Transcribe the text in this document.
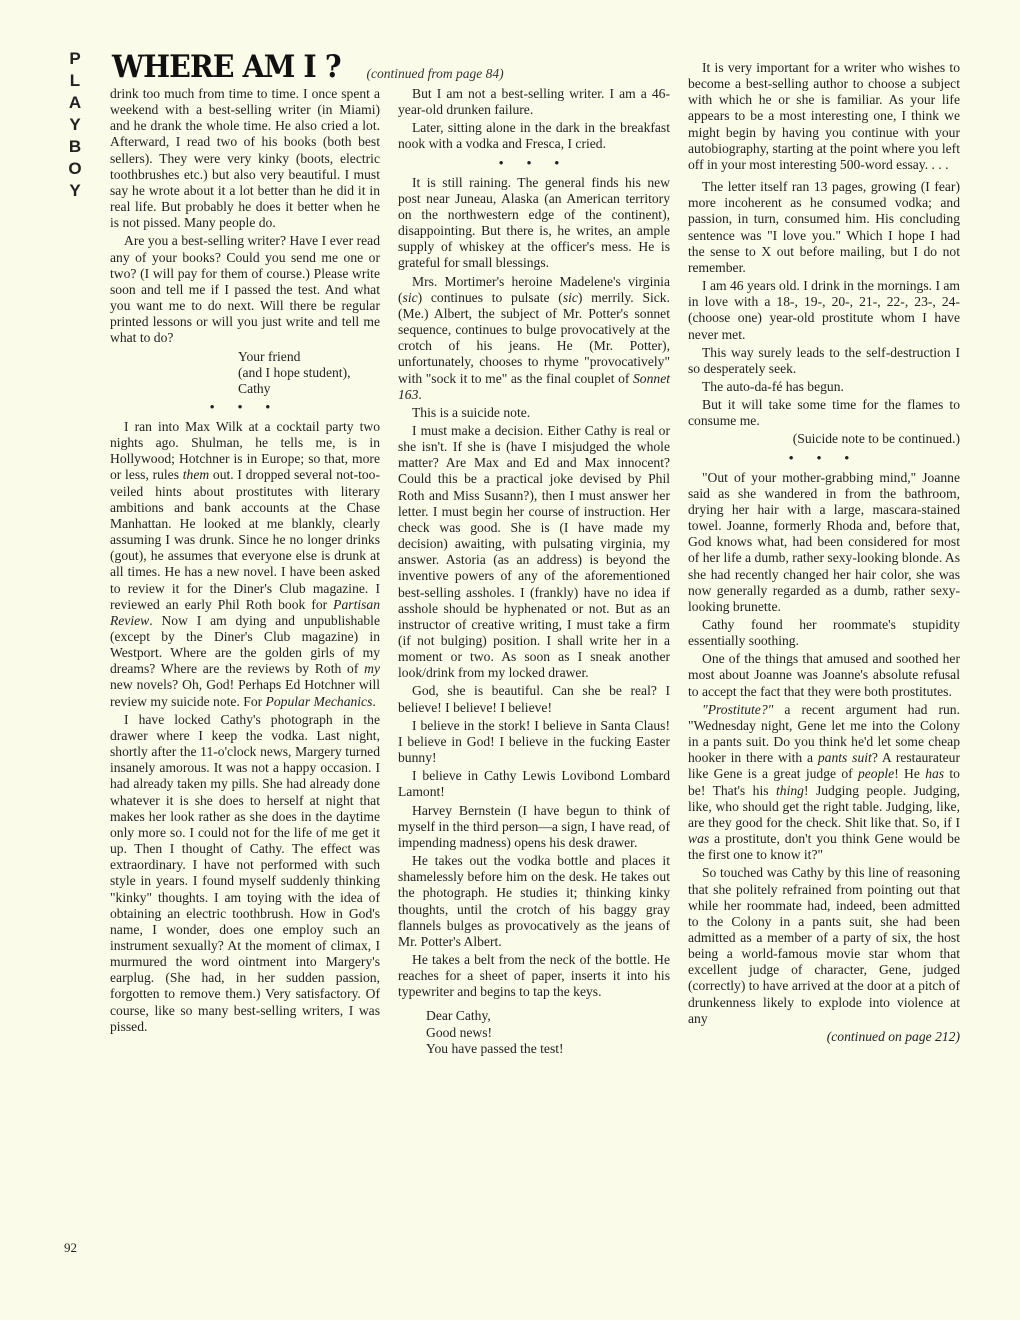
P
L
A
Y
B
O
Y
WHERE AM I ? (continued from page 84)

drink too much from time to time. I once spent a weekend with a best-selling writer (in Miami) and he drank the whole time. He also cried a lot. Afterward, I read two of his books (both best sellers). They were very kinky (boots, electric toothbrushes etc.) but also very beautiful. I must say he wrote about it a lot better than he did it in real life. But probably he does it better when he is not pissed. Many people do.

Are you a best-selling writer? Have I ever read any of your books? Could you send me one or two? (I will pay for them of course.) Please write soon and tell me if I passed the test. And what you want me to do next. Will there be regular printed lessons or will you just write and tell me what to do?

Your friend

(and I hope student),

Cathy

• • •

I ran into Max Wilk at a cocktail party two nights ago. Shulman, he tells me, is in Hollywood; Hotchner is in Europe; so that, more or less, rules them out. I dropped several not-too-veiled hints about prostitutes with literary ambitions and bank accounts at the Chase Manhattan. He looked at me blankly, clearly assuming I was drunk. Since he no longer drinks (gout), he assumes that everyone else is drunk at all times. He has a new novel. I have been asked to review it for the Diner's Club magazine. I reviewed an early Phil Roth book for Partisan Review. Now I am dying and unpublishable (except by the Diner's Club magazine) in Westport. Where are the golden girls of my dreams? Where are the reviews by Roth of my new novels? Oh, God! Perhaps Ed Hotchner will review my suicide note. For Popular Mechanics.

I have locked Cathy's photograph in the drawer where I keep the vodka. Last night, shortly after the 11-o'clock news, Margery turned insanely amorous. It was not a happy occasion. I had already taken my pills. She had already done whatever it is she does to herself at night that makes her look rather as she does in the daytime only more so. I could not for the life of me get it up. Then I thought of Cathy. The effect was extraordinary. I have not performed with such style in years. I found myself suddenly thinking "kinky" thoughts. I am toying with the idea of obtaining an electric toothbrush. How in God's name, I wonder, does one employ such an instrument sexually? At the moment of climax, I murmured the word ointment into Margery's earplug. (She had, in her sudden passion, forgotten to remove them.) Very satisfactory. Of course, like so many best-selling writers, I was pissed.

But I am not a best-selling writer. I am a 46-year-old drunken failure.

Later, sitting alone in the dark in the breakfast nook with a vodka and Fresca, I cried.

• • •

It is still raining. The general finds his new post near Juneau, Alaska (an American territory on the northwestern edge of the continent), disappointing. But there is, he writes, an ample supply of whiskey at the officer's mess. He is grateful for small blessings.

Mrs. Mortimer's heroine Madelene's virginia (sic) continues to pulsate (sic) merrily. Sick. (Me.) Albert, the subject of Mr. Potter's sonnet sequence, continues to bulge provocatively at the crotch of his jeans. He (Mr. Potter), unfortunately, chooses to rhyme "provocatively" with "sock it to me" as the final couplet of Sonnet 163.

This is a suicide note.

I must make a decision. Either Cathy is real or she isn't. If she is (have I misjudged the whole matter? Are Max and Ed and Max innocent? Could this be a practical joke devised by Phil Roth and Miss Susann?), then I must answer her letter. I must begin her course of instruction. Her check was good. She is (I have made my decision) awaiting, with pulsating virginia, my answer. Astoria (as an address) is beyond the inventive powers of any of the aforementioned best-selling assholes. I (frankly) have no idea if asshole should be hyphenated or not. But as an instructor of creative writing, I must take a firm (if not bulging) position. I shall write her in a moment or two. As soon as I sneak another look/drink from my locked drawer.

God, she is beautiful. Can she be real? I believe! I believe! I believe!

I believe in the stork! I believe in Santa Claus! I believe in God! I believe in the fucking Easter bunny!

I believe in Cathy Lewis Lovibond Lombard Lamont!

Harvey Bernstein (I have begun to think of myself in the third person—a sign, I have read, of impending madness) opens his desk drawer.

He takes out the vodka bottle and places it shamelessly before him on the desk. He takes out the photograph. He studies it; thinking kinky thoughts, until the crotch of his baggy gray flannels bulges as provocatively as the jeans of Mr. Potter's Albert.

He takes a belt from the neck of the bottle. He reaches for a sheet of paper, inserts it into his typewriter and begins to tap the keys.

Dear Cathy,

Good news!

You have passed the test!

It is very important for a writer who wishes to become a best-selling author to choose a subject with which he or she is familiar. As your life appears to be a most interesting one, I think we might begin by having you continue with your autobiography, starting at the point where you left off in your most interesting 500-word essay. . . .

The letter itself ran 13 pages, growing (I fear) more incoherent as he consumed vodka; and passion, in turn, consumed him. His concluding sentence was "I love you." Which I hope I had the sense to X out before mailing, but I do not remember.

I am 46 years old. I drink in the mornings. I am in love with a 18-, 19-, 20-, 21-, 22-, 23-, 24- (choose one) year-old prostitute whom I have never met.

This way surely leads to the self-destruction I so desperately seek.

The auto-da-fé has begun.

But it will take some time for the flames to consume me.

(Suicide note to be continued.)

• • •

"Out of your mother-grabbing mind," Joanne said as she wandered in from the bathroom, drying her hair with a large, mascara-stained towel. Joanne, formerly Rhoda and, before that, God knows what, had been considered for most of her life a dumb, rather sexy-looking blonde. As she had recently changed her hair color, she was now generally regarded as a dumb, rather sexy-looking brunette.

Cathy found her roommate's stupidity essentially soothing.

One of the things that amused and soothed her most about Joanne was Joanne's absolute refusal to accept the fact that they were both prostitutes.

"Prostitute?" a recent argument had run. "Wednesday night, Gene let me into the Colony in a pants suit. Do you think he'd let some cheap hooker in there with a pants suit? A restaurateur like Gene is a great judge of people! He has to be! That's his thing! Judging people. Judging, like, who should get the right table. Judging, like, are they good for the check. Shit like that. So, if I was a prostitute, don't you think Gene would be the first one to know it?"

So touched was Cathy by this line of reasoning that she politely refrained from pointing out that while her roommate had, indeed, been admitted to the Colony in a pants suit, she had been admitted as a member of a party of six, the host being a world-famous movie star whom that excellent judge of character, Gene, judged (correctly) to have arrived at the door at a pitch of drunkenness likely to explode into violence at any

(continued on page 212)
92
